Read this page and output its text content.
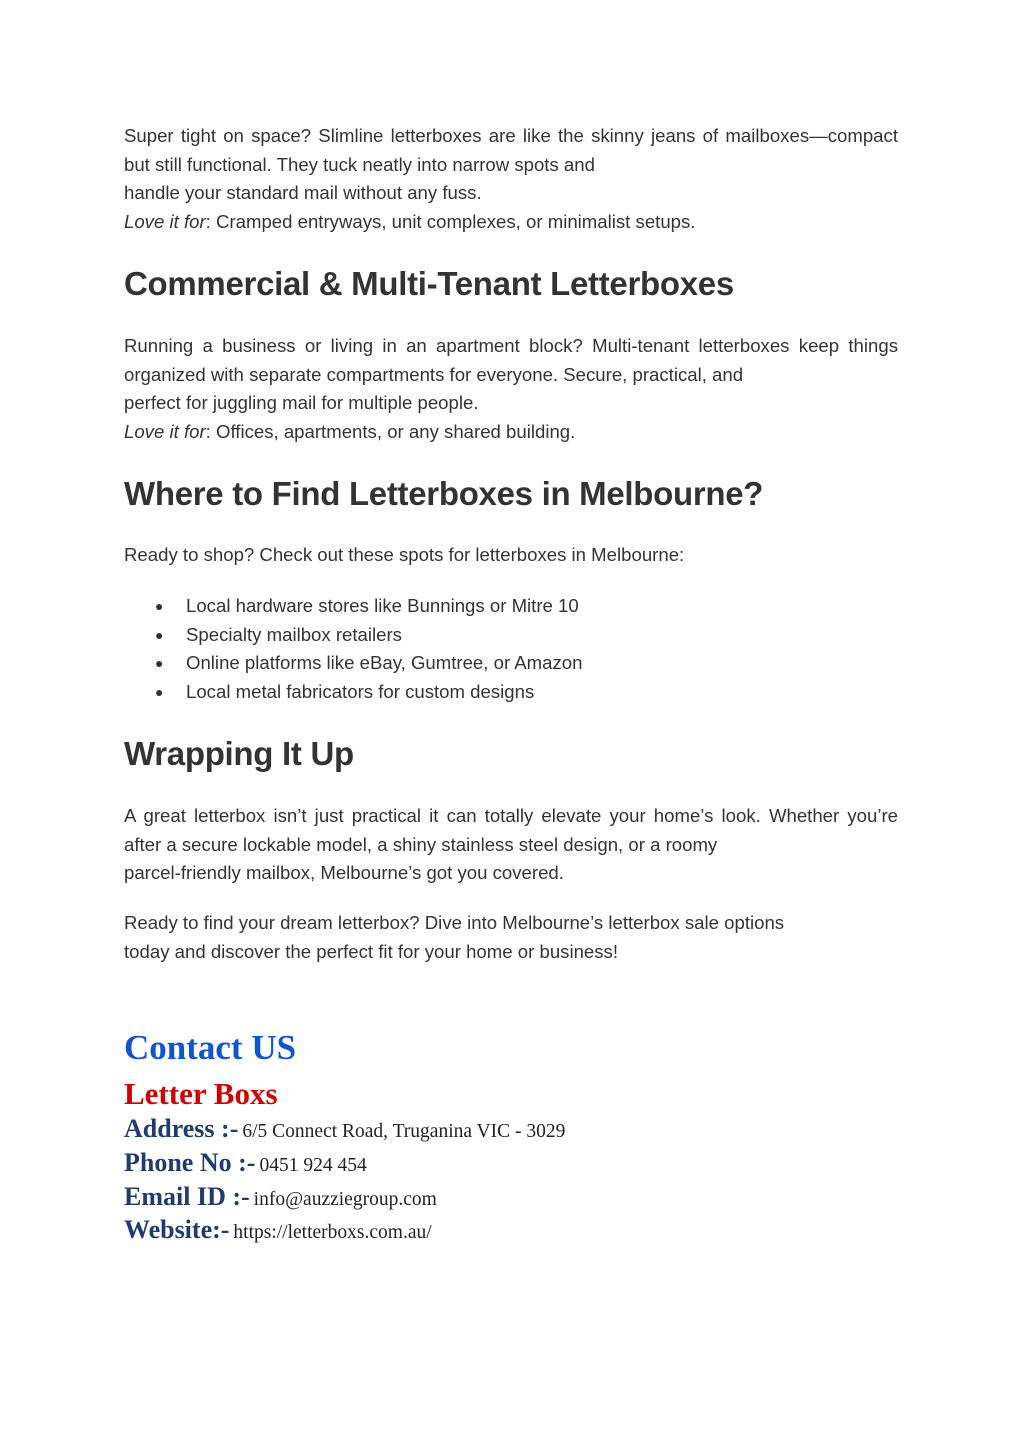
Super tight on space? Slimline letterboxes are like the skinny jeans of mailboxes—compact but still functional. They tuck neatly into narrow spots and

handle your standard mail without any fuss.

Love it for: Cramped entryways, unit complexes, or minimalist setups.

Commercial & Multi-Tenant Letterboxes

Running a business or living in an apartment block? Multi-tenant letterboxes keep things organized with separate compartments for everyone. Secure, practical, and

perfect for juggling mail for multiple people.

Love it for: Offices, apartments, or any shared building.

Where to Find Letterboxes in Melbourne?

Ready to shop? Check out these spots for letterboxes in Melbourne:

● Local hardware stores like Bunnings or Mitre 10
● Specialty mailbox retailers
● Online platforms like eBay, Gumtree, or Amazon
● Local metal fabricators for custom designs
Wrapping It Up

A great letterbox isn’t just practical it can totally elevate your home’s look. Whether you’re after a secure lockable model, a shiny stainless steel design, or a roomy

parcel-friendly mailbox, Melbourne’s got you covered.

Ready to find your dream letterbox? Dive into Melbourne’s letterbox sale options

today and discover the perfect fit for your home or business!

Contact US
Letter Boxs
Address :- 6/5 Connect Road, Truganina VIC - 3029
Phone No :- 0451 924 454
Email ID :- info@auzziegroup.com
Website:- https://letterboxs.com.au/
